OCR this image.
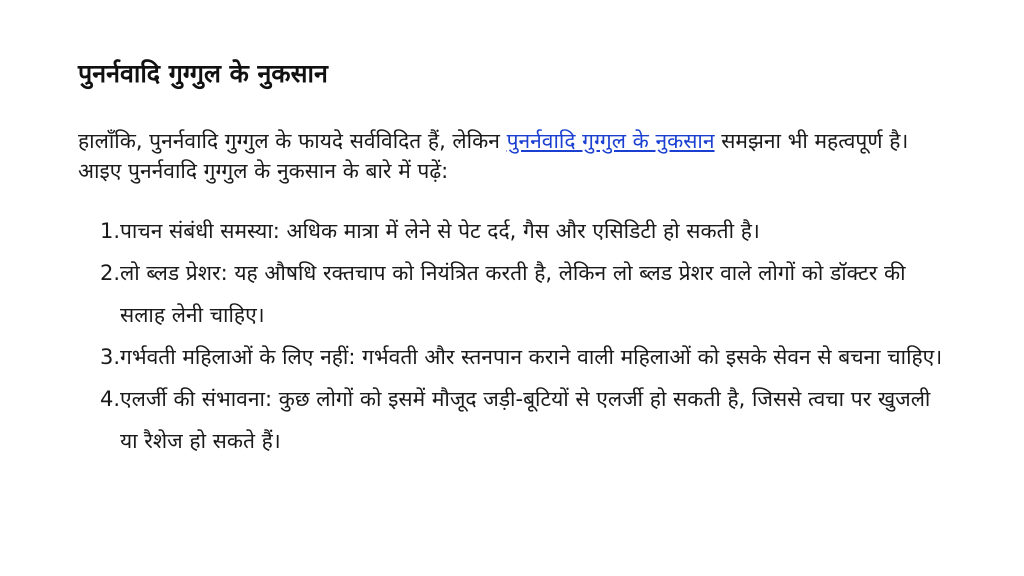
पुनर्नवादि गुग्गुल के नुकसान

हालाँकि, पुनर्नवादि गुग्गुल के फायदे सर्वविदित हैं, लेकिन पुनर्नवादि गुग्गुल के नुकसान समझना भी महत्वपूर्ण है। आइए पुनर्नवादि गुग्गुल के नुकसान के बारे में पढ़ें:

1. पाचन संबंधी समस्या: अधिक मात्रा में लेने से पेट दर्द, गैस और एसिडिटी हो सकती है।
2. लो ब्लड प्रेशर: यह औषधि रक्तचाप को नियंत्रित करती है, लेकिन लो ब्लड प्रेशर वाले लोगों को डॉक्टर की सलाह लेनी चाहिए।
3. गर्भवती महिलाओं के लिए नहीं: गर्भवती और स्तनपान कराने वाली महिलाओं को इसके सेवन से बचना चाहिए।
4. एलर्जी की संभावना: कुछ लोगों को इसमें मौजूद जड़ी-बूटियों से एलर्जी हो सकती है, जिससे त्वचा पर खुजली या रैशेज हो सकते हैं।
